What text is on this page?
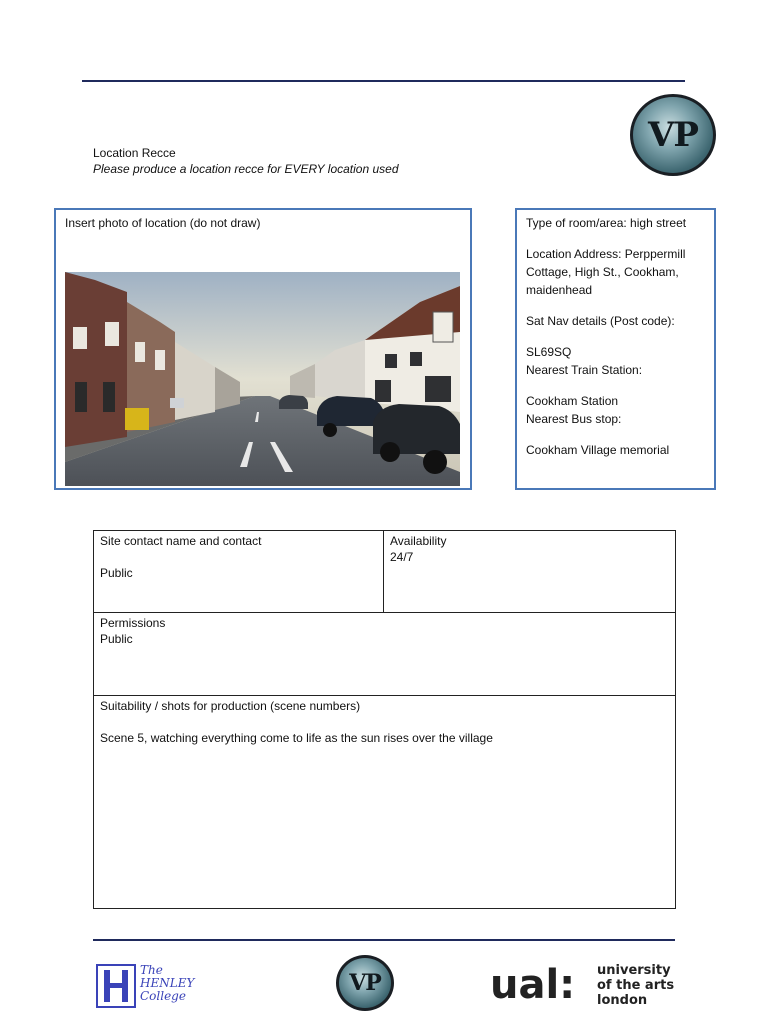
VP
Location Recce
Please produce a location recce for EVERY location used
Insert photo of location (do not draw)	Type of room/area: high street
Location Address: Perppermill Cottage, High St., Cookham, maidenhead
Sat Nav details (Post code):
SL69SQ
Nearest Train Station:
Cookham Station
Nearest Bus stop:
Cookham Village memorial
Site contact name and contact
Public

Availability
24/7

Permissions
Public

Suitability / shots for production (scene numbers)
Scene 5, watching everything come to life as the sun rises over the village
The
HENLEY
College	VP	ual: university
of the arts
london
